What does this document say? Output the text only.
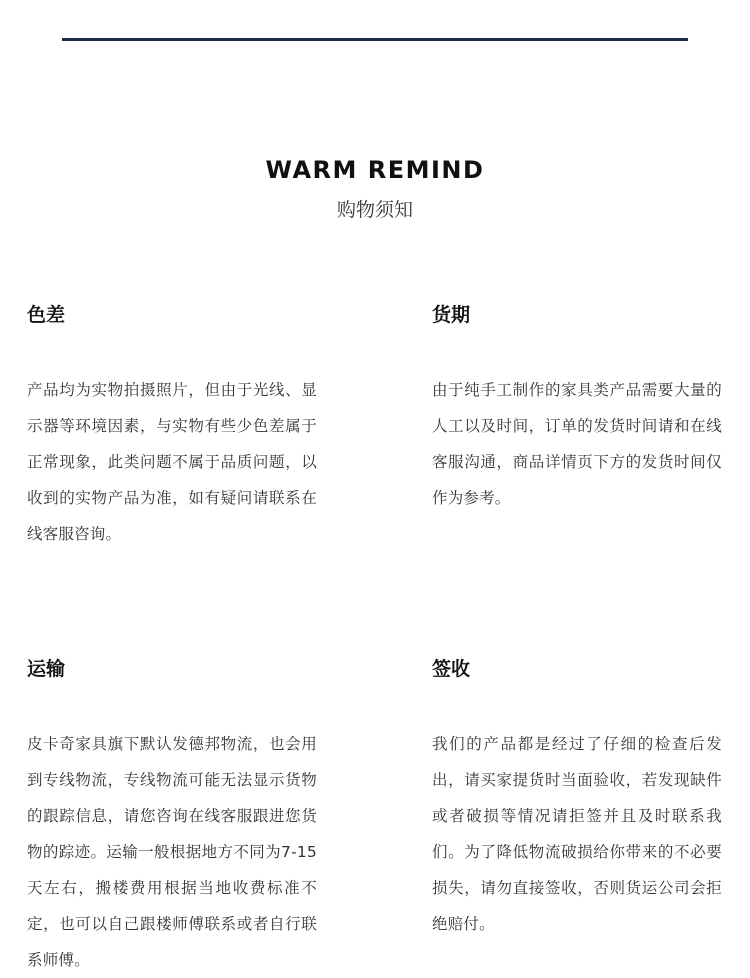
WARM REMIND
购物须知
色差
产品均为实物拍摄照片，但由于光线、显示器等环境因素，与实物有些少色差属于正常现象，此类问题不属于品质问题，以收到的实物产品为准，如有疑问请联系在线客服咨询。
货期
由于纯手工制作的家具类产品需要大量的人工以及时间，订单的发货时间请和在线客服沟通，商品详情页下方的发货时间仅作为参考。
运输
皮卡奇家具旗下默认发德邦物流，也会用到专线物流，专线物流可能无法显示货物的跟踪信息，请您咨询在线客服跟进您货物的踪迹。运输一般根据地方不同为7-15天左右，搬楼费用根据当地收费标准不定，也可以自己跟楼师傅联系或者自行联系师傅。
签收
我们的产品都是经过了仔细的检查后发出，请买家提货时当面验收，若发现缺件或者破损等情况请拒签并且及时联系我们。为了降低物流破损给你带来的不必要损失，请勿直接签收，否则货运公司会拒绝赔付。
